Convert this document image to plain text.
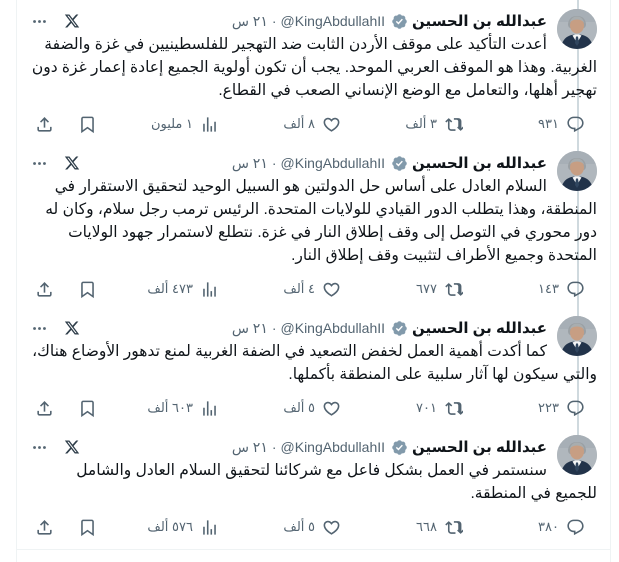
عبدالله بن الحسين
@KingAbdullahII
·
٢١ س

أعدت التأكيد على موقف الأردن الثابت ضد التهجير للفلسطينيين في غزة والضفة الغربية. وهذا هو الموقف العربي الموحد. يجب أن تكون أولوية الجميع إعادة إعمار غزة دون تهجير أهلها، والتعامل مع الوضع الإنساني الصعب في القطاع.

٩٣١
٣ ألف
٨ ألف
١ مليون
عبدالله بن الحسين
@KingAbdullahII
·
٢١ س

السلام العادل على أساس حل الدولتين هو السبيل الوحيد لتحقيق الاستقرار في المنطقة، وهذا يتطلب الدور القيادي للولايات المتحدة. الرئيس ترمب رجل سلام، وكان له دور محوري في التوصل إلى وقف إطلاق النار في غزة. نتطلع لاستمرار جهود الولايات المتحدة وجميع الأطراف لتثبيت وقف إطلاق النار.

١٤٣
٦٧٧
٤ ألف
٤٧٣ ألف
عبدالله بن الحسين
@KingAbdullahII
·
٢١ س

كما أكدت أهمية العمل لخفض التصعيد في الضفة الغربية لمنع تدهور الأوضاع هناك، والتي سيكون لها آثار سلبية على المنطقة بأكملها.

٢٢٣
٧٠١
٥ ألف
٦٠٣ ألف
عبدالله بن الحسين
@KingAbdullahII
·
٢١ س

سنستمر في العمل بشكل فاعل مع شركائنا لتحقيق السلام العادل والشامل للجميع في المنطقة.

٣٨٠
٦٦٨
٥ ألف
٥٧٦ ألف
